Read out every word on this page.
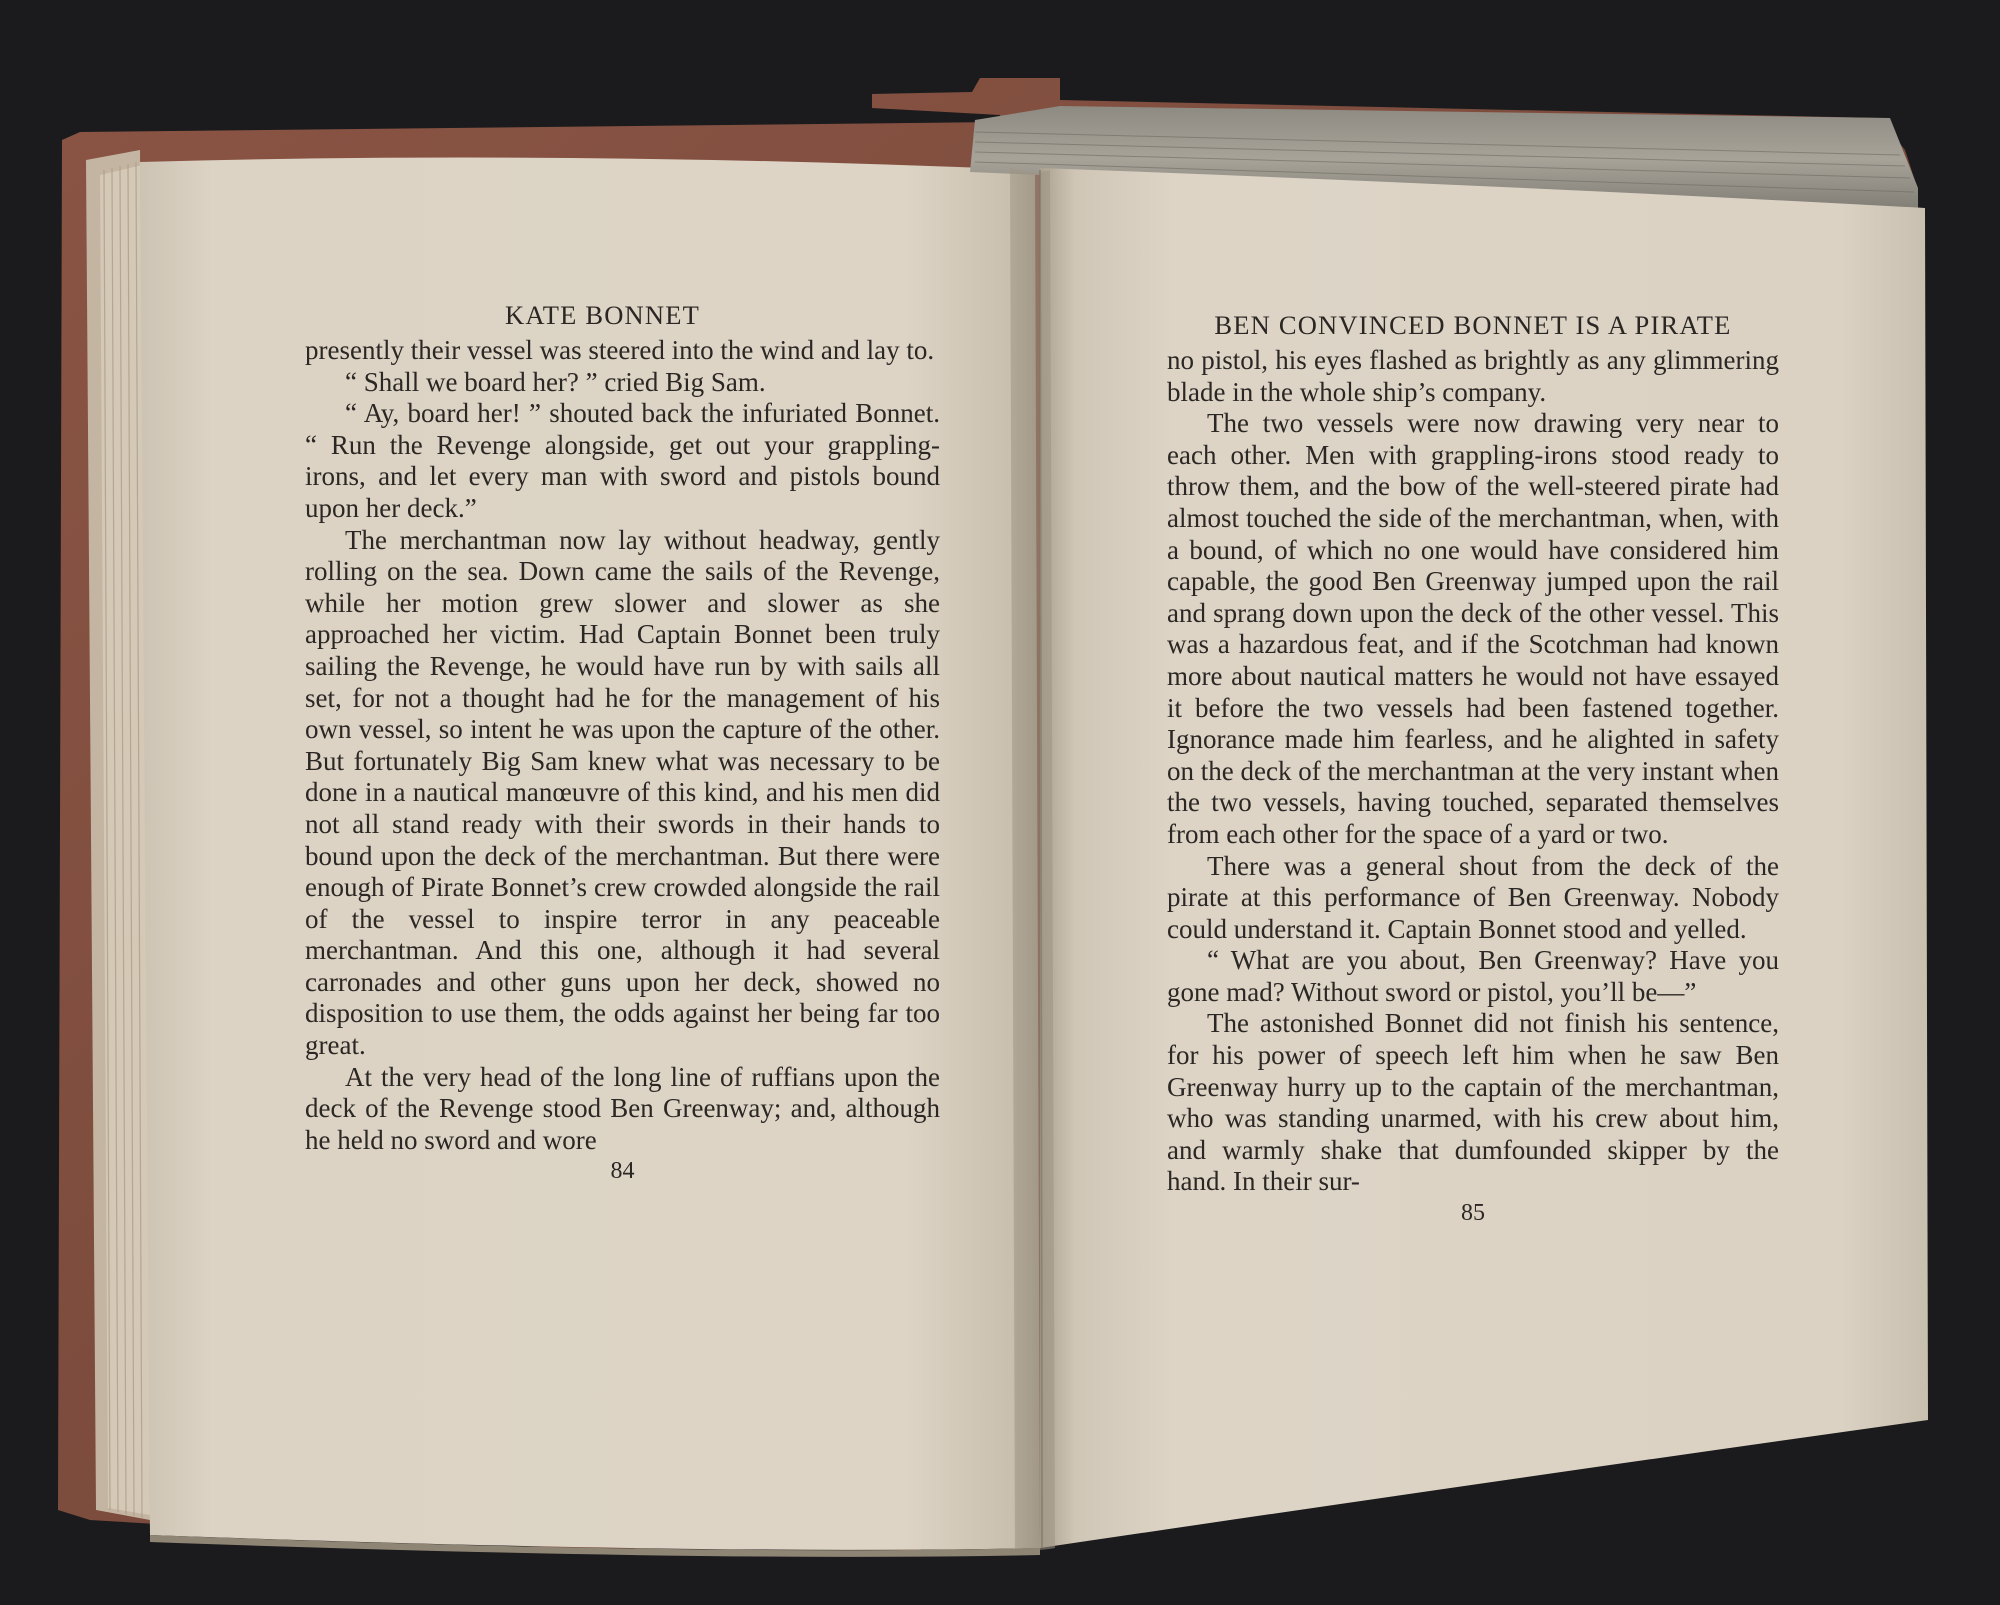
KATE BONNET

presently their vessel was steered into the wind and lay to.

“ Shall we board her? ” cried Big Sam.

“ Ay, board her! ” shouted back the infuriated Bonnet. “ Run the Revenge alongside, get out your grappling-irons, and let every man with sword and pistols bound upon her deck.”

The merchantman now lay without headway, gently rolling on the sea. Down came the sails of the Revenge, while her motion grew slower and slower as she approached her victim. Had Captain Bonnet been truly sailing the Revenge, he would have run by with sails all set, for not a thought had he for the management of his own vessel, so intent he was upon the capture of the other. But fortunately Big Sam knew what was necessary to be done in a nautical manœuvre of this kind, and his men did not all stand ready with their swords in their hands to bound upon the deck of the merchantman. But there were enough of Pirate Bonnet’s crew crowded alongside the rail of the vessel to inspire terror in any peaceable merchantman. And this one, although it had several carronades and other guns upon her deck, showed no disposition to use them, the odds against her being far too great.

At the very head of the long line of ruffians upon the deck of the Revenge stood Ben Greenway; and, although he held no sword and wore

84
BEN CONVINCED BONNET IS A PIRATE

no pistol, his eyes flashed as brightly as any glimmering blade in the whole ship’s company.

The two vessels were now drawing very near to each other. Men with grappling-irons stood ready to throw them, and the bow of the well-steered pirate had almost touched the side of the merchantman, when, with a bound, of which no one would have considered him capable, the good Ben Greenway jumped upon the rail and sprang down upon the deck of the other vessel. This was a hazardous feat, and if the Scotchman had known more about nautical matters he would not have essayed it before the two vessels had been fastened together. Ignorance made him fearless, and he alighted in safety on the deck of the merchantman at the very instant when the two vessels, having touched, separated themselves from each other for the space of a yard or two.

There was a general shout from the deck of the pirate at this performance of Ben Greenway. Nobody could understand it. Captain Bonnet stood and yelled.

“ What are you about, Ben Greenway? Have you gone mad? Without sword or pistol, you’ll be—”

The astonished Bonnet did not finish his sentence, for his power of speech left him when he saw Ben Greenway hurry up to the captain of the merchantman, who was standing unarmed, with his crew about him, and warmly shake that dumfounded skipper by the hand. In their sur-

85
